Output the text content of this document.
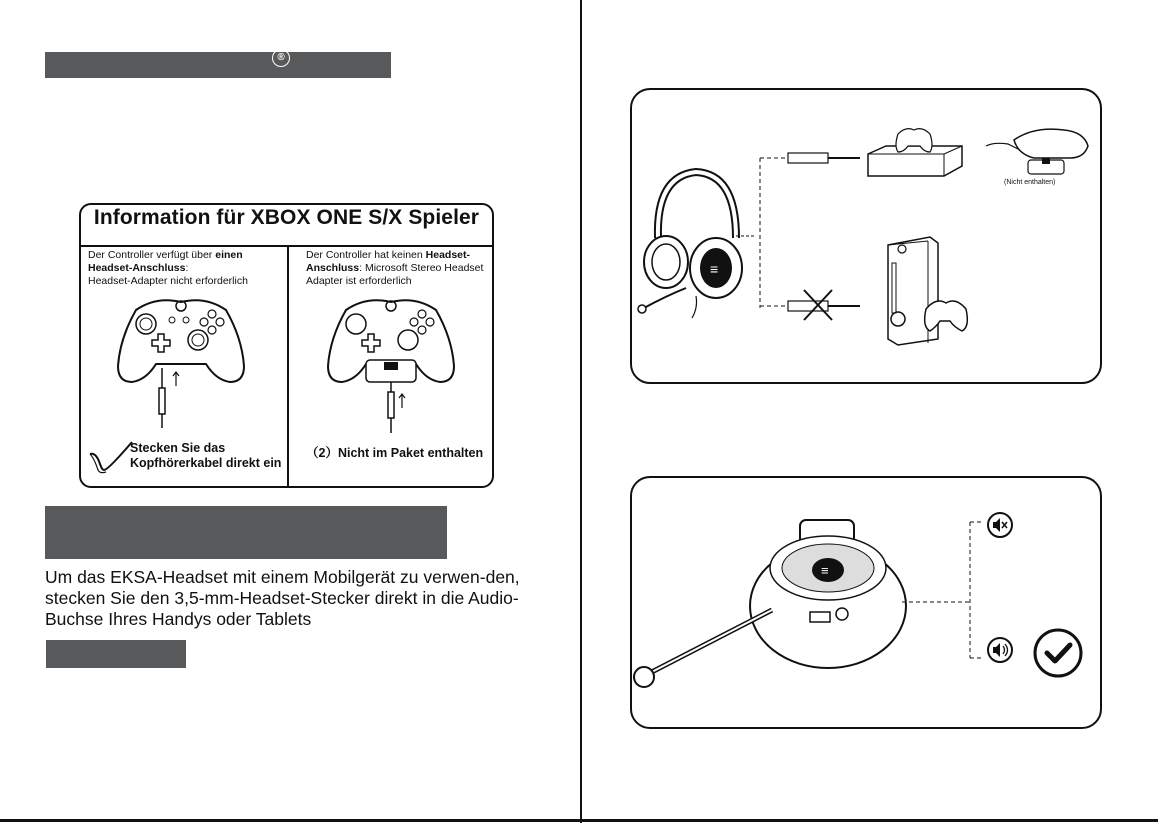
®
Information für XBOX ONE S/X Spieler
Der Controller verfügt über einen
Headset-Anschluss:
Headset-Adapter nicht erforderlich
Der Controller hat keinen Headset-
Anschluss: Microsoft Stereo Headset
Adapter ist erforderlich
Stecken Sie das
Kopfhörerkabel direkt ein
（2）Nicht im Paket enthalten
Um das EKSA-Headset mit einem Mobilgerät zu verwen-den, stecken Sie den 3,5-mm-Headset-Stecker direkt in die Audio-Buchse Ihres Handys oder Tablets
≡
(Nicht enthalten)
≡
